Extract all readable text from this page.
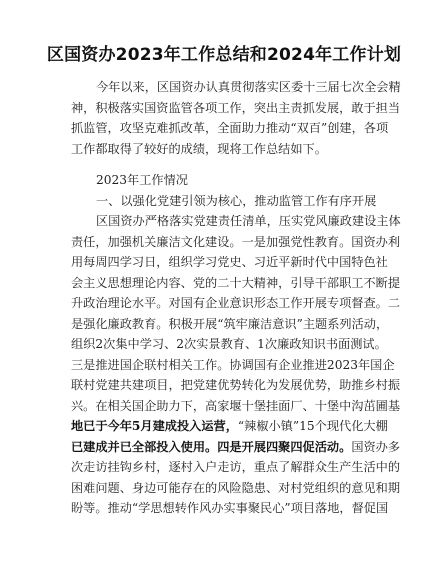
区国资办2023年工作总结和2024年工作计划
今年以来，区国资办认真贯彻落实区委十三届七次全会精
神，积极落实国资监管各项工作，突出主责抓发展，敢于担当
抓监管，攻坚克难抓改革，全面助力推动“双百”创建，各项
工作都取得了较好的成绩，现将工作总结如下。
2023年工作情况
一、以强化党建引领为核心，推动监管工作有序开展
区国资办严格落实党建责任清单，压实党风廉政建设主体
责任，加强机关廉洁文化建设。一是加强党性教育。国资办利
用每周四学习日，组织学习党史、习近平新时代中国特色社
会主义思想理论内容、党的二十大精神，引导干部职工不断提
升政治理论水平。对国有企业意识形态工作开展专项督查。二
是强化廉政教育。积极开展“筑牢廉洁意识”主题系列活动，
组织2次集中学习、2次实景教育、1次廉政知识书面测试。
三是推进国企联村相关工作。协调国有企业推进2023年国企
联村党建共建项目，把党建优势转化为发展优势，助推乡村振
兴。在相关国企助力下，高家堰十堡挂面厂、十堡中沟茁圃基
地已于今年5月建成投入运营，“辣椒小镇”15个现代化大棚
已建成并已全部投入使用。四是开展四聚四促活动。国资办多
次走访挂钩乡村，逐村入户走访，重点了解群众生产生活中的
困难问题、身边可能存在的风险隐患、对村党组织的意见和期
盼等。推动“学思想转作风办实事聚民心”项目落地，督促国
